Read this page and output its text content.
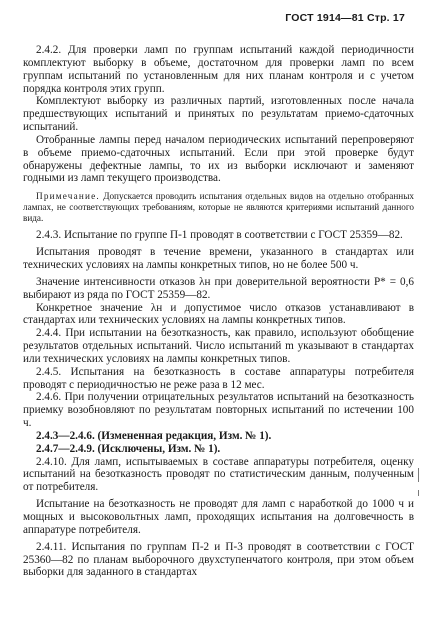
ГОСТ 1914—81 Стр. 17

2.4.2. Для проверки ламп по группам испытаний каждой периодичности комплектуют выборку в объеме, достаточном для проверки ламп по всем группам испытаний по установленным для них планам контроля и с учетом порядка контроля этих групп.

Комплектуют выборку из различных партий, изготовленных после начала предшествующих испытаний и принятых по результатам приемо-сдаточных испытаний.

Отобранные лампы перед началом периодических испытаний перепроверяют в объеме приемо-сдаточных испытаний. Если при этой проверке будут обнаружены дефектные лампы, то их из выборки исключают и заменяют годными из ламп текущего производства.

Примечание. Допускается проводить испытания отдельных видов на отдельно отобранных лампах, не соответствующих требованиям, которые не являются критериями испытаний данного вида.

2.4.3. Испытание по группе П-1 проводят в соответствии с ГОСТ 25359—82.

Испытания проводят в течение времени, указанного в стандартах или технических условиях на лампы конкретных типов, но не более 500 ч.

Значение интенсивности отказов λн при доверительной вероятности P* = 0,6 выбирают из ряда по ГОСТ 25359—82.

Конкретное значение λн и допустимое число отказов устанавливают в стандартах или технических условиях на лампы конкретных типов.

2.4.4. При испытании на безотказность, как правило, используют обобщение результатов отдельных испытаний. Число испытаний m указывают в стандартах или технических условиях на лампы конкретных типов.

2.4.5. Испытания на безотказность в составе аппаратуры потребителя проводят с периодичностью не реже раза в 12 мес.

2.4.6. При получении отрицательных результатов испытаний на безотказность приемку возобновляют по результатам повторных испытаний по истечении 100 ч.

2.4.3—2.4.6. (Измененная редакция, Изм. № 1).

2.4.7—2.4.9. (Исключены, Изм. № 1).

2.4.10. Для ламп, испытываемых в составе аппаратуры потребителя, оценку испытаний на безотказность проводят по статистическим данным, полученным от потребителя.

Испытание на безотказность не проводят для ламп с наработкой до 1000 ч и мощных и высоковольтных ламп, проходящих испытания на долговечность в аппаратуре потребителя.

2.4.11. Испытания по группам П-2 и П-3 проводят в соответствии с ГОСТ 25360—82 по планам выборочного двухступенчатого контроля, при этом объем выборки для заданного в стандартах
